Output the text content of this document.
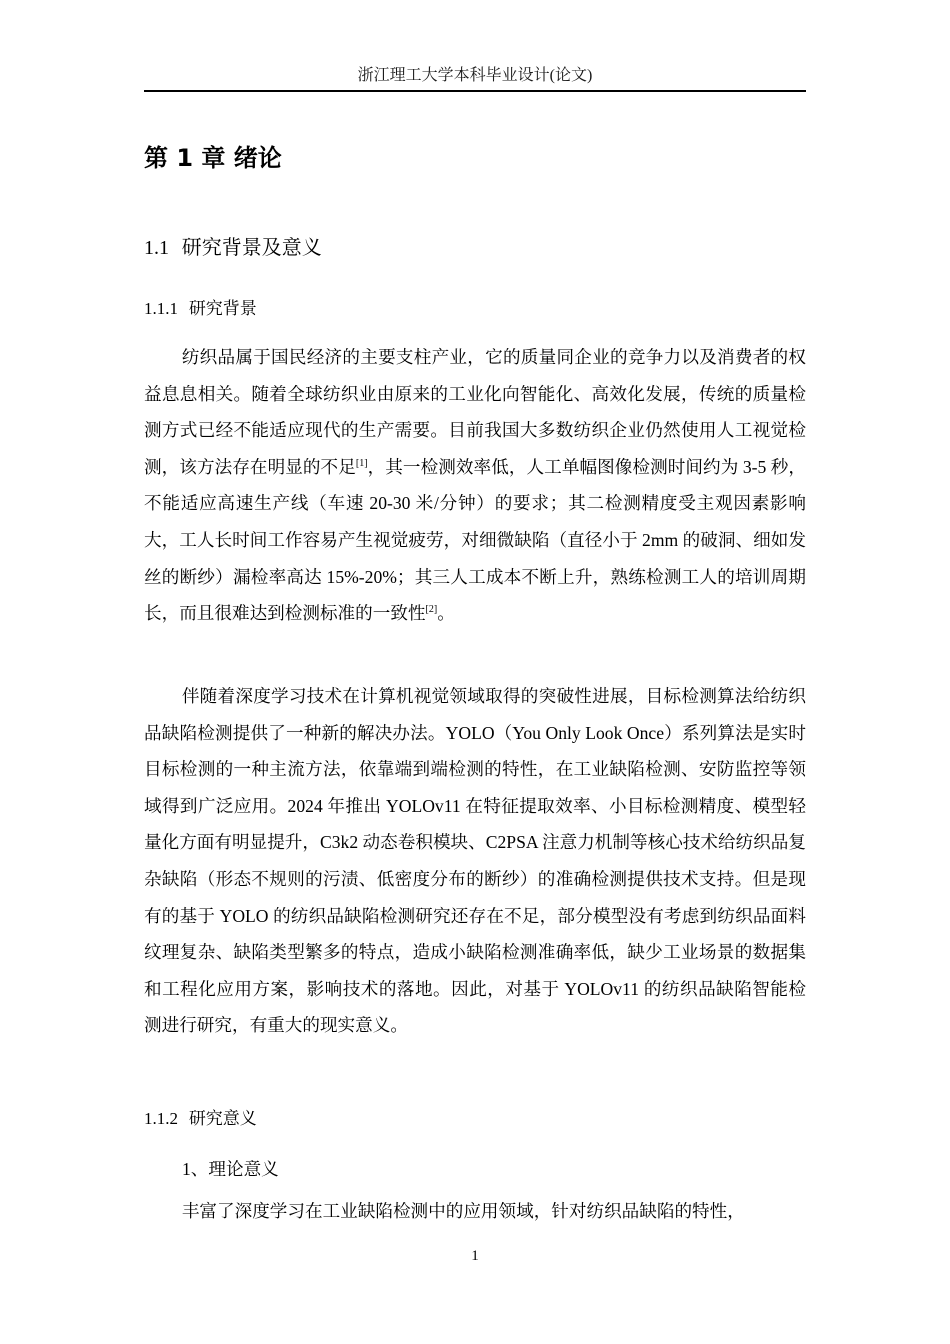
浙江理工大学本科毕业设计(论文)
第 1 章 绪论
1.1 研究背景及意义
1.1.1 研究背景

纺织品属于国民经济的主要支柱产业，它的质量同企业的竞争力以及消费者的权益息息相关。随着全球纺织业由原来的工业化向智能化、高效化发展，传统的质量检测方式已经不能适应现代的生产需要。目前我国大多数纺织企业仍然使用人工视觉检测，该方法存在明显的不足[1]，其一检测效率低，人工单幅图像检测时间约为 3-5 秒，不能适应高速生产线（车速 20-30 米/分钟）的要求；其二检测精度受主观因素影响大，工人长时间工作容易产生视觉疲劳，对细微缺陷（直径小于 2mm 的破洞、细如发丝的断纱）漏检率高达 15%-20%；其三人工成本不断上升，熟练检测工人的培训周期长，而且很难达到检测标准的一致性[2]。

伴随着深度学习技术在计算机视觉领域取得的突破性进展，目标检测算法给纺织品缺陷检测提供了一种新的解决办法。YOLO（You Only Look Once）系列算法是实时目标检测的一种主流方法，依靠端到端检测的特性，在工业缺陷检测、安防监控等领域得到广泛应用。2024 年推出 YOLOv11 在特征提取效率、小目标检测精度、模型轻量化方面有明显提升，C3k2 动态卷积模块、C2PSA 注意力机制等核心技术给纺织品复杂缺陷（形态不规则的污渍、低密度分布的断纱）的准确检测提供技术支持。但是现有的基于 YOLO 的纺织品缺陷检测研究还存在不足，部分模型没有考虑到纺织品面料纹理复杂、缺陷类型繁多的特点，造成小缺陷检测准确率低，缺少工业场景的数据集和工程化应用方案，影响技术的落地。因此，对基于 YOLOv11 的纺织品缺陷智能检测进行研究，有重大的现实意义。

1.1.2 研究意义
1、理论意义

丰富了深度学习在工业缺陷检测中的应用领域，针对纺织品缺陷的特性，

1
